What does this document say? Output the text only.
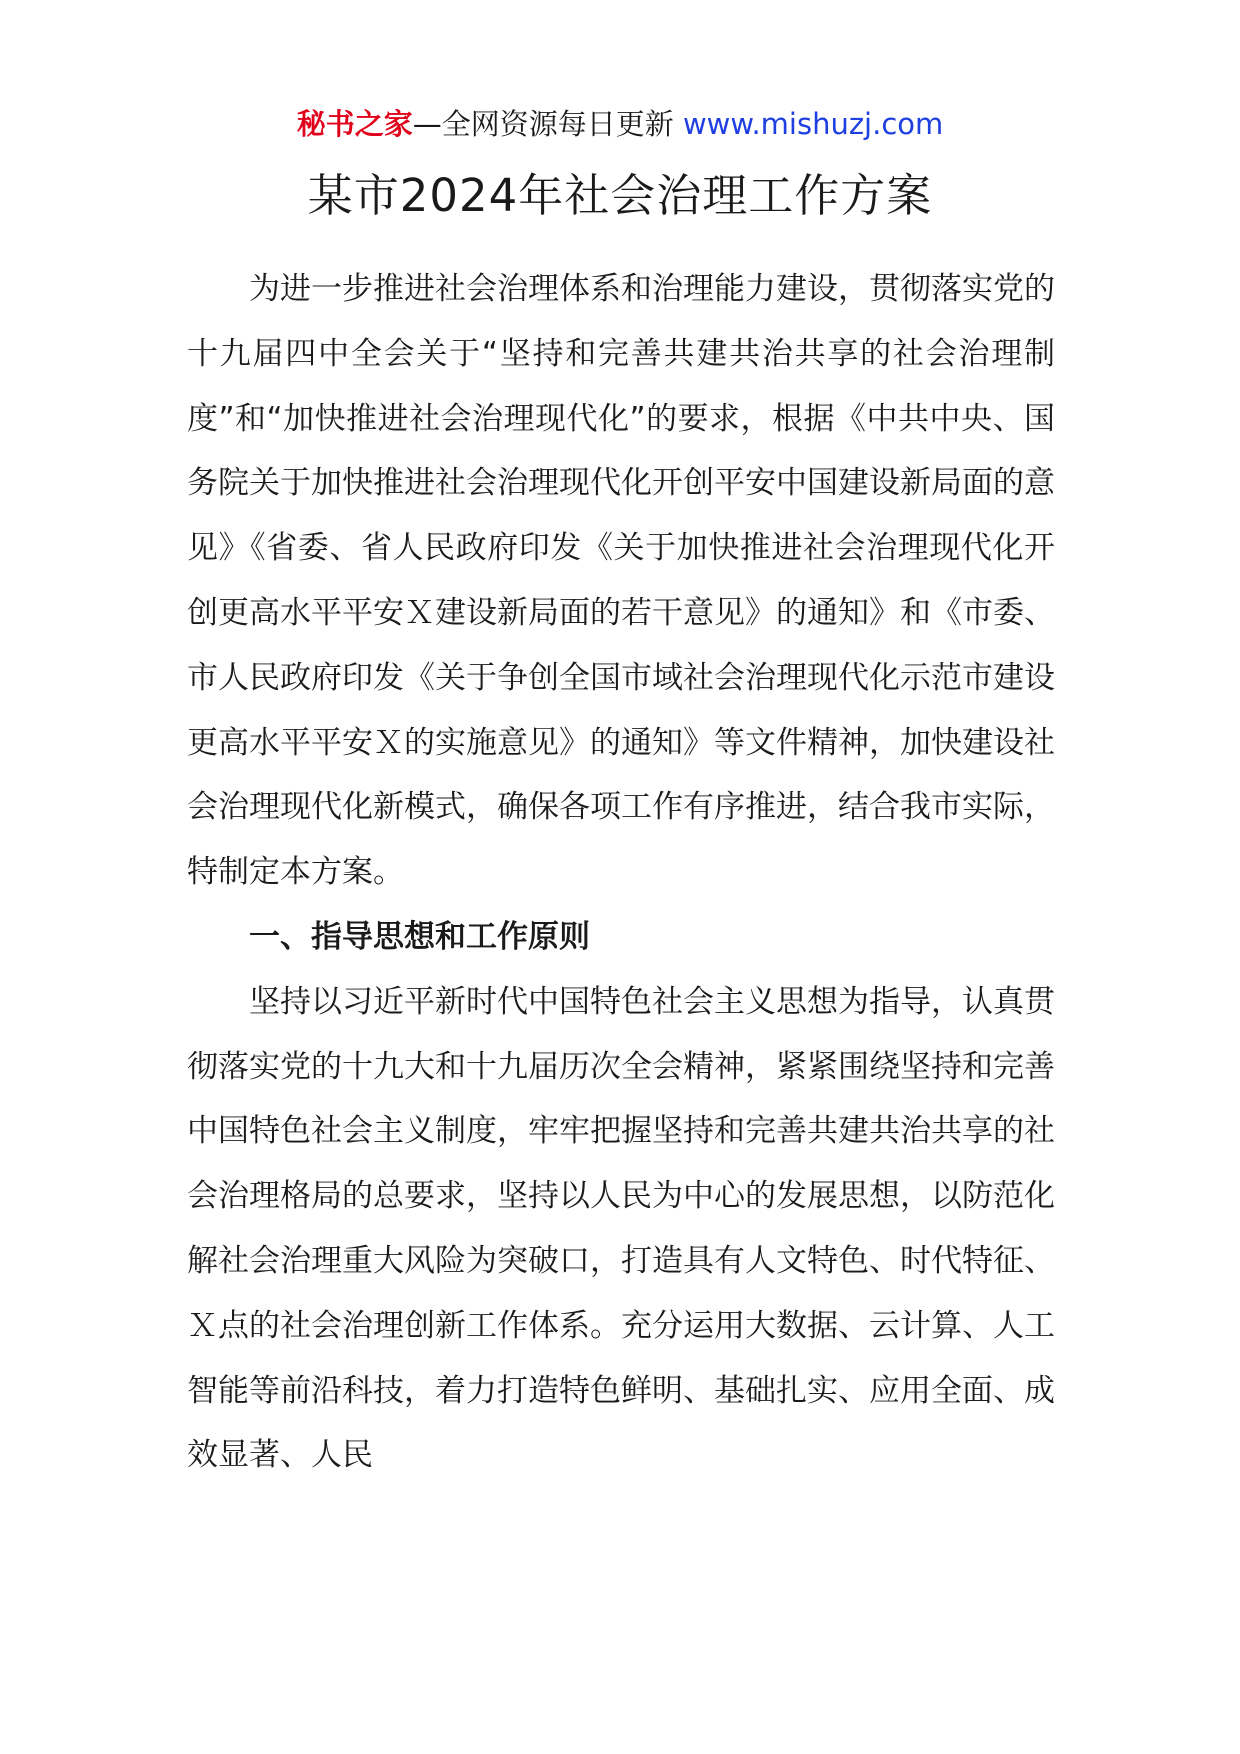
秘书之家—全网资源每日更新 www.mishuzj.com
某市2024年社会治理工作方案

为进一步推进社会治理体系和治理能力建设，贯彻落实党的十九届四中全会关于“坚持和完善共建共治共享的社会治理制度”和“加快推进社会治理现代化”的要求，根据《中共中央、国务院关于加快推进社会治理现代化开创平安中国建设新局面的意见》《省委、省人民政府印发《关于加快推进社会治理现代化开创更高水平平安Ｘ建设新局面的若干意见》的通知》和《市委、市人民政府印发《关于争创全国市域社会治理现代化示范市建设更高水平平安Ｘ的实施意见》的通知》等文件精神，加快建设社会治理现代化新模式，确保各项工作有序推进，结合我市实际，特制定本方案。

一、指导思想和工作原则

坚持以习近平新时代中国特色社会主义思想为指导，认真贯彻落实党的十九大和十九届历次全会精神，紧紧围绕坚持和完善中国特色社会主义制度，牢牢把握坚持和完善共建共治共享的社会治理格局的总要求，坚持以人民为中心的发展思想，以防范化解社会治理重大风险为突破口，打造具有人文特色、时代特征、Ｘ点的社会治理创新工作体系。充分运用大数据、云计算、人工智能等前沿科技，着力打造特色鲜明、基础扎实、应用全面、成效显著、人民
